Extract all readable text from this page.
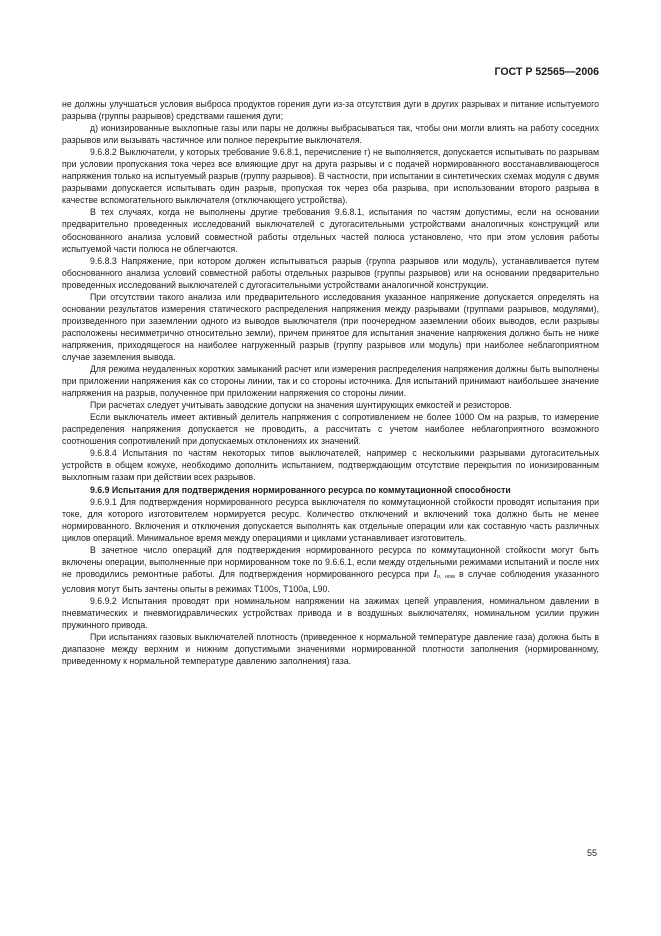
ГОСТ Р 52565—2006

не должны улучшаться условия выброса продуктов горения дуги из-за отсутствия дуги в других разрывах и питание испытуемого разрыва (группы разрывов) средствами гашения дуги;

д) ионизированные выхлопные газы или пары не должны выбрасываться так, чтобы они могли влиять на работу соседних разрывов или вызывать частичное или полное перекрытие выключателя.

9.6.8.2 Выключатели, у которых требование 9.6.8.1, перечисление г) не выполняется, допускается испытывать по разрывам при условии пропускания тока через все влияющие друг на друга разрывы и с подачей нормированного восстанавливающегося напряжения только на испытуемый разрыв (группу разрывов). В частности, при испытании в синтетических схемах модуля с двумя разрывами допускается испытывать один разрыв, пропуская ток через оба разрыва, при использовании второго разрыва в качестве вспомогательного выключателя (отключающего устройства).

В тех случаях, когда не выполнены другие требования 9.6.8.1, испытания по частям допустимы, если на основании предварительно проведенных исследований выключателей с дугогасительными устройствами аналогичных конструкций или обоснованного анализа условий совместной работы отдельных частей полюса установлено, что при этом условия работы испытуемой части полюса не облегчаются.

9.6.8.3 Напряжение, при котором должен испытываться разрыв (группа разрывов или модуль), устанавливается путем обоснованного анализа условий совместной работы отдельных разрывов (группы разрывов) или на основании предварительно проведенных исследований выключателей с дугогасительными устройствами аналогичной конструкции.

При отсутствии такого анализа или предварительного исследования указанное напряжение допускается определять на основании результатов измерения статического распределения напряжения между разрывами (группами разрывов, модулями), произведенного при заземлении одного из выводов выключателя (при поочередном заземлении обоих выводов, если разрывы расположены несимметрично относительно земли), причем принятое для испытания значение напряжения должно быть не ниже напряжения, приходящегося на наиболее нагруженный разрыв (группу разрывов или модуль) при наиболее неблагоприятном случае заземления вывода.

Для режима неудаленных коротких замыканий расчет или измерения распределения напряжения должны быть выполнены при приложении напряжения как со стороны линии, так и со стороны источника. Для испытаний принимают наибольшее значение напряжения на разрыв, полученное при приложении напряжения со стороны линии.

При расчетах следует учитывать заводские допуски на значения шунтирующих емкостей и резисторов.

Если выключатель имеет активный делитель напряжения с сопротивлением не более 1000 Ом на разрыв, то измерение распределения напряжения допускается не проводить, а рассчитать с учетом наиболее неблагоприятного возможного соотношения сопротивлений при допускаемых отклонениях их значений.

9.6.8.4 Испытания по частям некоторых типов выключателей, например с несколькими разрывами дугогасительных устройств в общем кожухе, необходимо дополнить испытанием, подтверждающим отсутствие перекрытия по ионизированным выхлопным газам при действии всех разрывов.

9.6.9 Испытания для подтверждения нормированного ресурса по коммутационной способности

9.6.9.1 Для подтверждения нормированного ресурса выключателя по коммутационной стойкости проводят испытания при токе, для которого изготовителем нормируется ресурс. Количество отключений и включений тока должно быть не менее нормированного. Включения и отключения допускается выполнять как отдельные операции или как составную часть различных циклов операций. Минимальное время между операциями и циклами устанавливает изготовитель.

В зачетное число операций для подтверждения нормированного ресурса по коммутационной стойкости могут быть включены операции, выполненные при нормированном токе по 9.6.6.1, если между отдельными режимами испытаний и после них не проводились ремонтные работы. Для подтверждения нормированного ресурса при Iо, ном в случае соблюдения указанного условия могут быть зачтены опыты в режимах Т100s, Т100a, L90.

9.6.9.2 Испытания проводят при номинальном напряжении на зажимах цепей управления, номинальном давлении в пневматических и пневмогидравлических устройствах привода и в воздушных выключателях, номинальном усилии пружин пружинного привода.

При испытаниях газовых выключателей плотность (приведенное к нормальной температуре давление газа) должна быть в диапазоне между верхним и нижним допустимыми значениями нормированной плотности заполнения (нормированному, приведенному к нормальной температуре давлению заполнения) газа.

55
